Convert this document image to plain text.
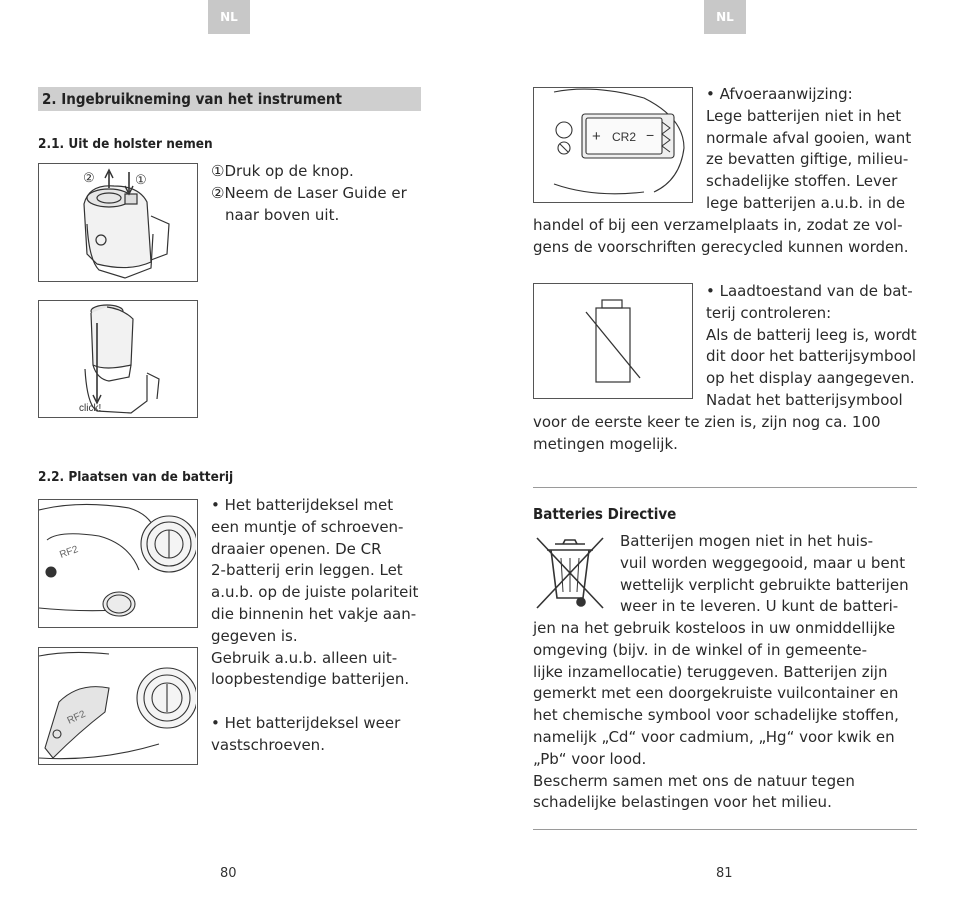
NL
2. Ingebruikneming van het instrument
2.1. Uit de holster nemen
②	①	①Druk op de knop.

②Neem de Laser Guide er

naar boven uit.

click!
2.2. Plaatsen van de batterij
RF2
RF2

• Het batterijdeksel met

een muntje of schroeven-

draaier openen. De CR

2-batterij erin leggen. Let

a.u.b. op de juiste polariteit

die binnenin het vakje aan-

gegeven is.

Gebruik a.u.b. alleen uit-

loopbestendige batterijen.

• Het batterijdeksel weer

vastschroeven.

80
NL
+ CR2 −

• Afvoeraanwijzing:

Lege batterijen niet in het

normale afval gooien, want

ze bevatten giftige, milieu-

schadelijke stoffen. Lever

lege batterijen a.u.b. in de

handel of bij een verzamelplaats in, zodat ze vol-

gens de voorschriften gerecycled kunnen worden.

• Laadtoestand van de bat-

terij controleren:

Als de batterij leeg is, wordt

dit door het batterijsymbool

op het display aangegeven.

Nadat het batterijsymbool

voor de eerste keer te zien is, zijn nog ca. 100

metingen mogelijk.

Batteries Directive

Batterijen mogen niet in het huis-

vuil worden weggegooid, maar u bent

wettelijk verplicht gebruikte batterijen

weer in te leveren. U kunt de batteri-

jen na het gebruik kosteloos in uw onmiddellijke

omgeving (bijv. in de winkel of in gemeente-

lijke inzamellocatie) teruggeven. Batterijen zijn

gemerkt met een doorgekruiste vuilcontainer en

het chemische symbool voor schadelijke stoffen,

namelijk „Cd“ voor cadmium, „Hg“ voor kwik en

„Pb“ voor lood.

Bescherm samen met ons de natuur tegen

schadelijke belastingen voor het milieu.

81
